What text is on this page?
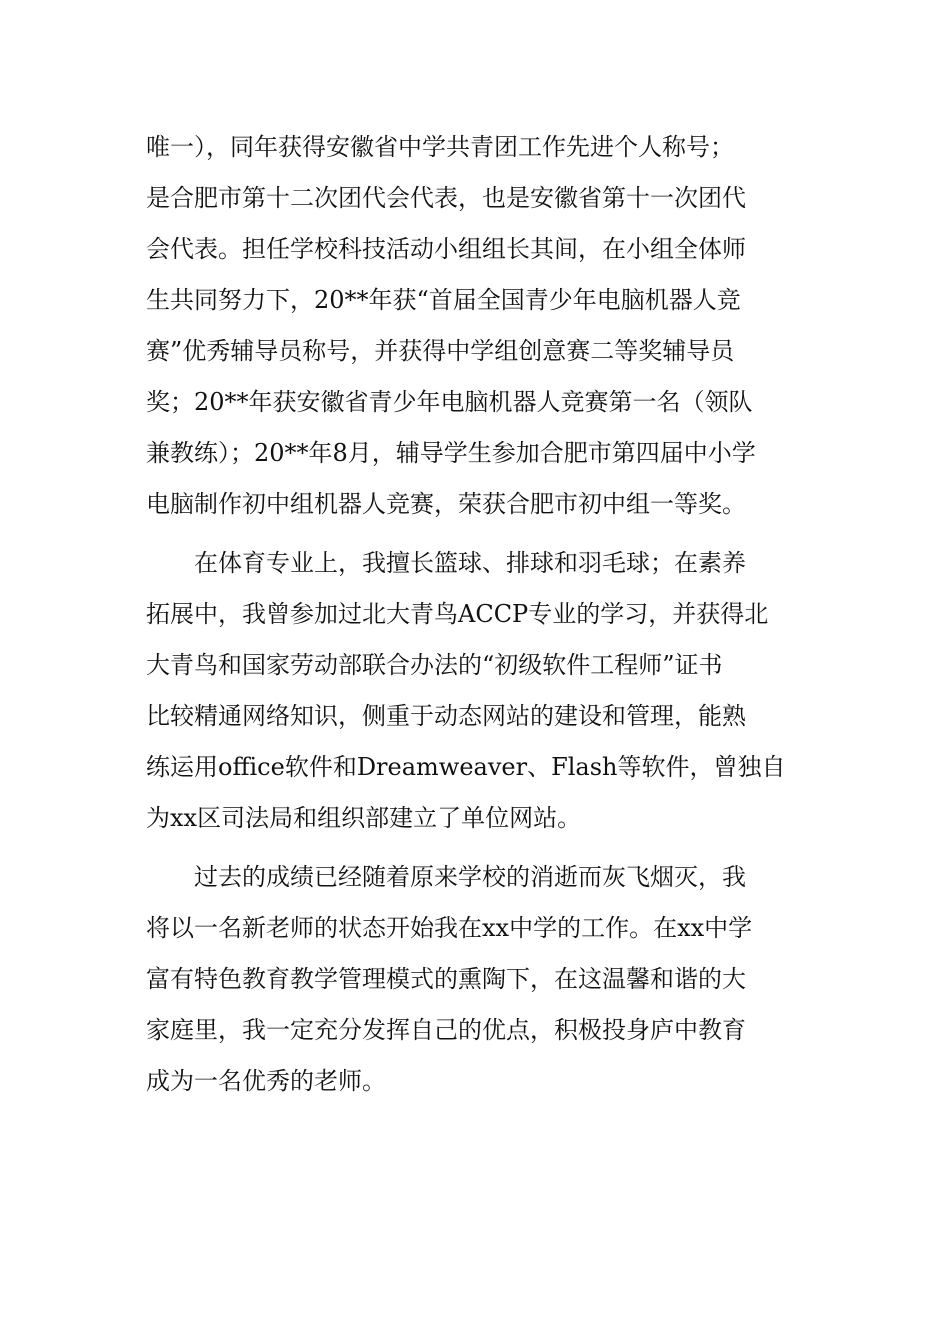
唯一），同年获得安徽省中学共青团工作先进个人称号；
是合肥市第十二次团代会代表，也是安徽省第十一次团代
会代表。担任学校科技活动小组组长其间，在小组全体师
生共同努力下，20**年获“首届全国青少年电脑机器人竞
赛”优秀辅导员称号，并获得中学组创意赛二等奖辅导员
奖；20**年获安徽省青少年电脑机器人竞赛第一名（领队
兼教练）；20**年8月，辅导学生参加合肥市第四届中小学
电脑制作初中组机器人竞赛，荣获合肥市初中组一等奖。
　　在体育专业上，我擅长篮球、排球和羽毛球；在素养
拓展中，我曾参加过北大青鸟ACCP专业的学习，并获得北
大青鸟和国家劳动部联合办法的“初级软件工程师”证书
比较精通网络知识，侧重于动态网站的建设和管理，能熟
练运用office软件和Dreamweaver、Flash等软件，曾独自
为xx区司法局和组织部建立了单位网站。
　　过去的成绩已经随着原来学校的消逝而灰飞烟灭，我
将以一名新老师的状态开始我在xx中学的工作。在xx中学
富有特色教育教学管理模式的熏陶下，在这温馨和谐的大
家庭里，我一定充分发挥自己的优点，积极投身庐中教育
成为一名优秀的老师。
